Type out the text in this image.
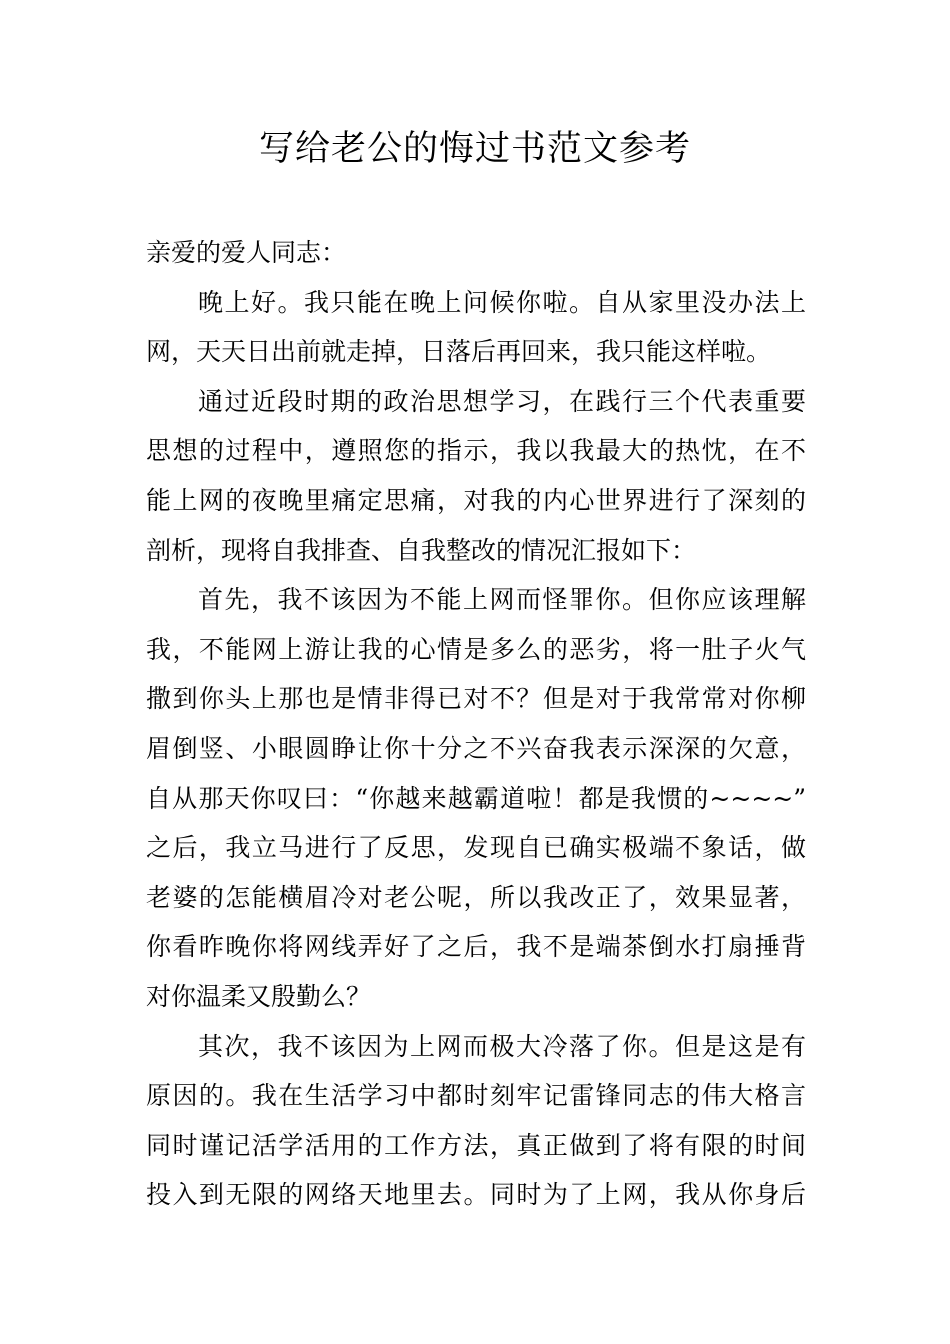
写给老公的悔过书范文参考
亲爱的爱人同志：
晚上好。我只能在晚上问候你啦。自从家里没办法上
网，天天日出前就走掉，日落后再回来，我只能这样啦。
通过近段时期的政治思想学习，在践行三个代表重要
思想的过程中，遵照您的指示，我以我最大的热忱，在不
能上网的夜晚里痛定思痛，对我的内心世界进行了深刻的
剖析，现将自我排查、自我整改的情况汇报如下：
首先，我不该因为不能上网而怪罪你。但你应该理解
我，不能网上游让我的心情是多么的恶劣，将一肚子火气
撒到你头上那也是情非得已对不？但是对于我常常对你柳
眉倒竖、小眼圆睁让你十分之不兴奋我表示深深的欠意，
自从那天你叹曰：“你越来越霸道啦！都是我惯的~~~~”
之后，我立马进行了反思，发现自已确实极端不象话，做
老婆的怎能横眉冷对老公呢，所以我改正了，效果显著，
你看昨晚你将网线弄好了之后，我不是端茶倒水打扇捶背
对你温柔又殷勤么？
其次，我不该因为上网而极大冷落了你。但是这是有
原因的。我在生活学习中都时刻牢记雷锋同志的伟大格言
同时谨记活学活用的工作方法，真正做到了将有限的时间
投入到无限的网络天地里去。同时为了上网，我从你身后
